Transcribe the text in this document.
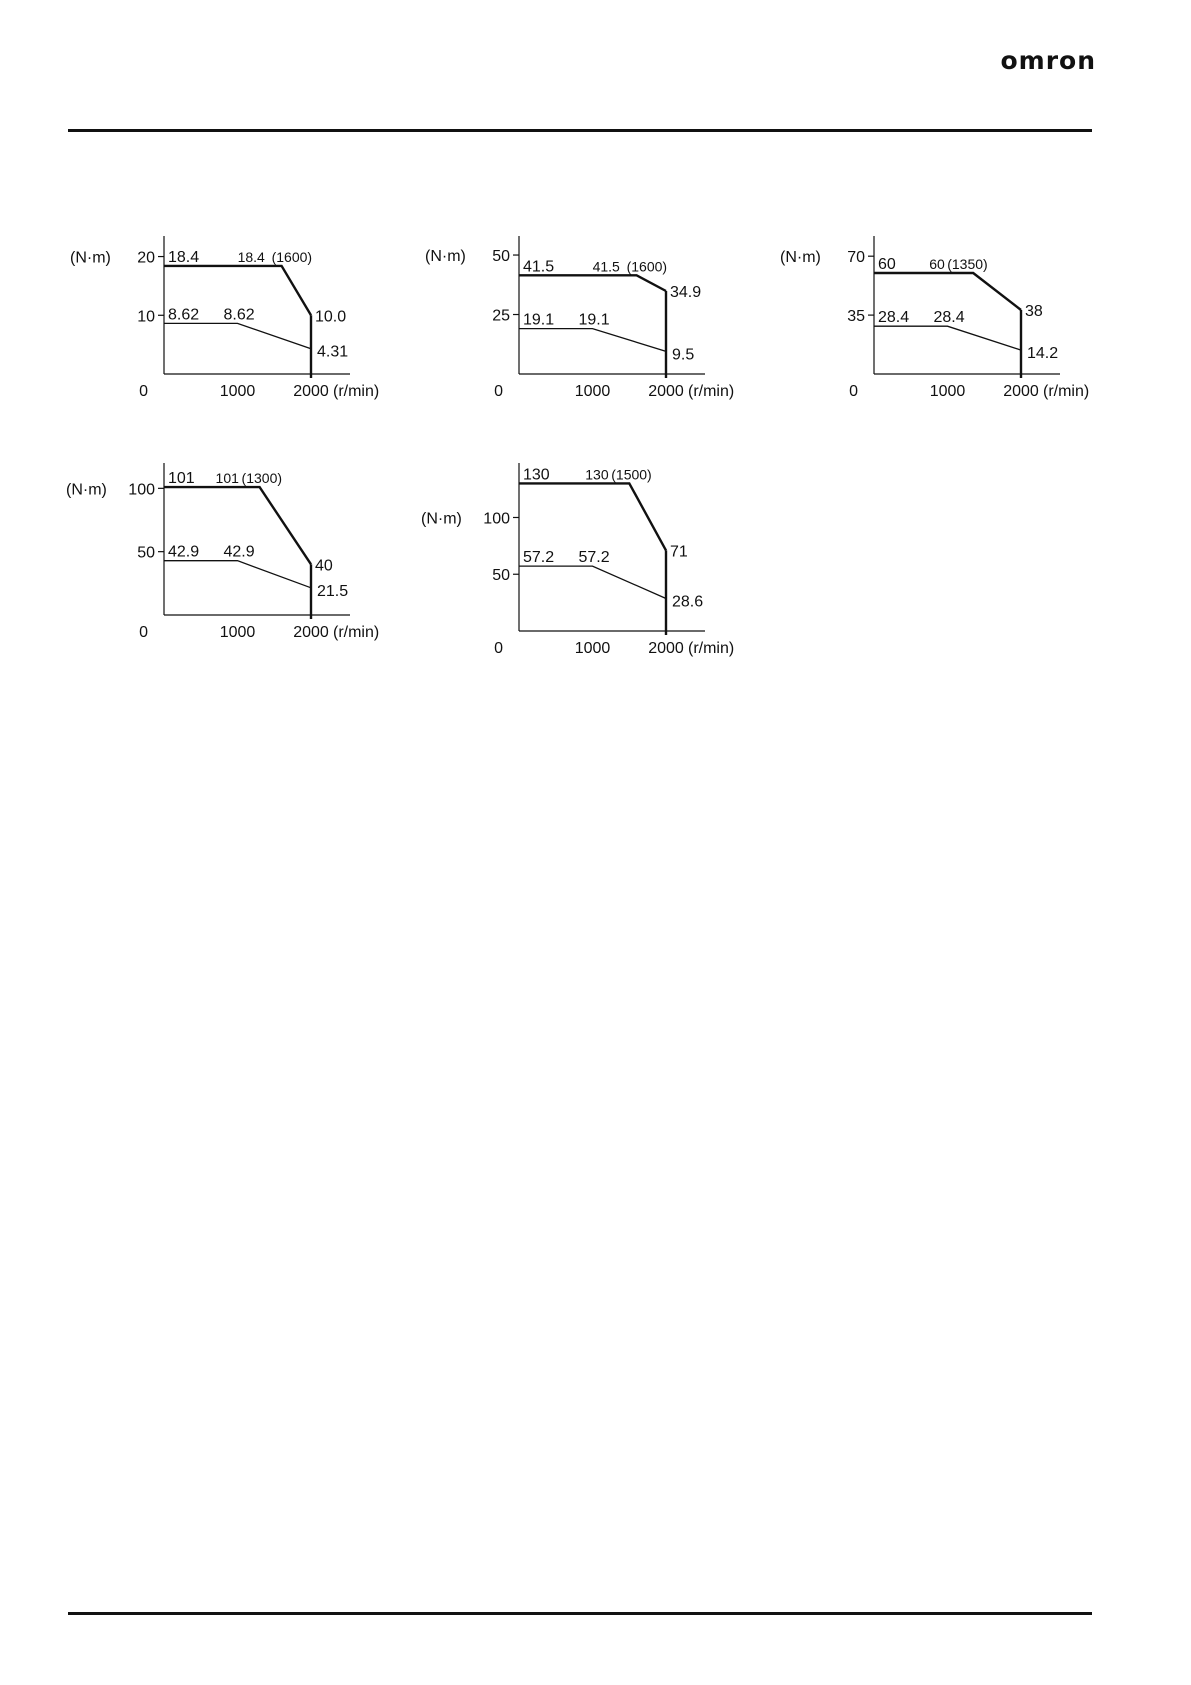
omron
20
10
(N·m)
0	1000 2000 (r/min)
18.4	18.4 (1600)
10.0
8.62 8.62
4.31
50
25
(N·m)
0	1000 2000 (r/min)
41.5	41.5 (1600)
34.9
19.1 19.1
9.5
70
35
(N·m)
0	1000 2000 (r/min)
60 60 (1350)
38
28.4 28.4
14.2
100
50
(N·m)
0	1000 2000 (r/min)
101 101 (1300)
40
42.9 42.9
21.5
100
50
(N·m)
0	1000 2000 (r/min)
130	130 (1500)
71
57.2 57.2
28.6
